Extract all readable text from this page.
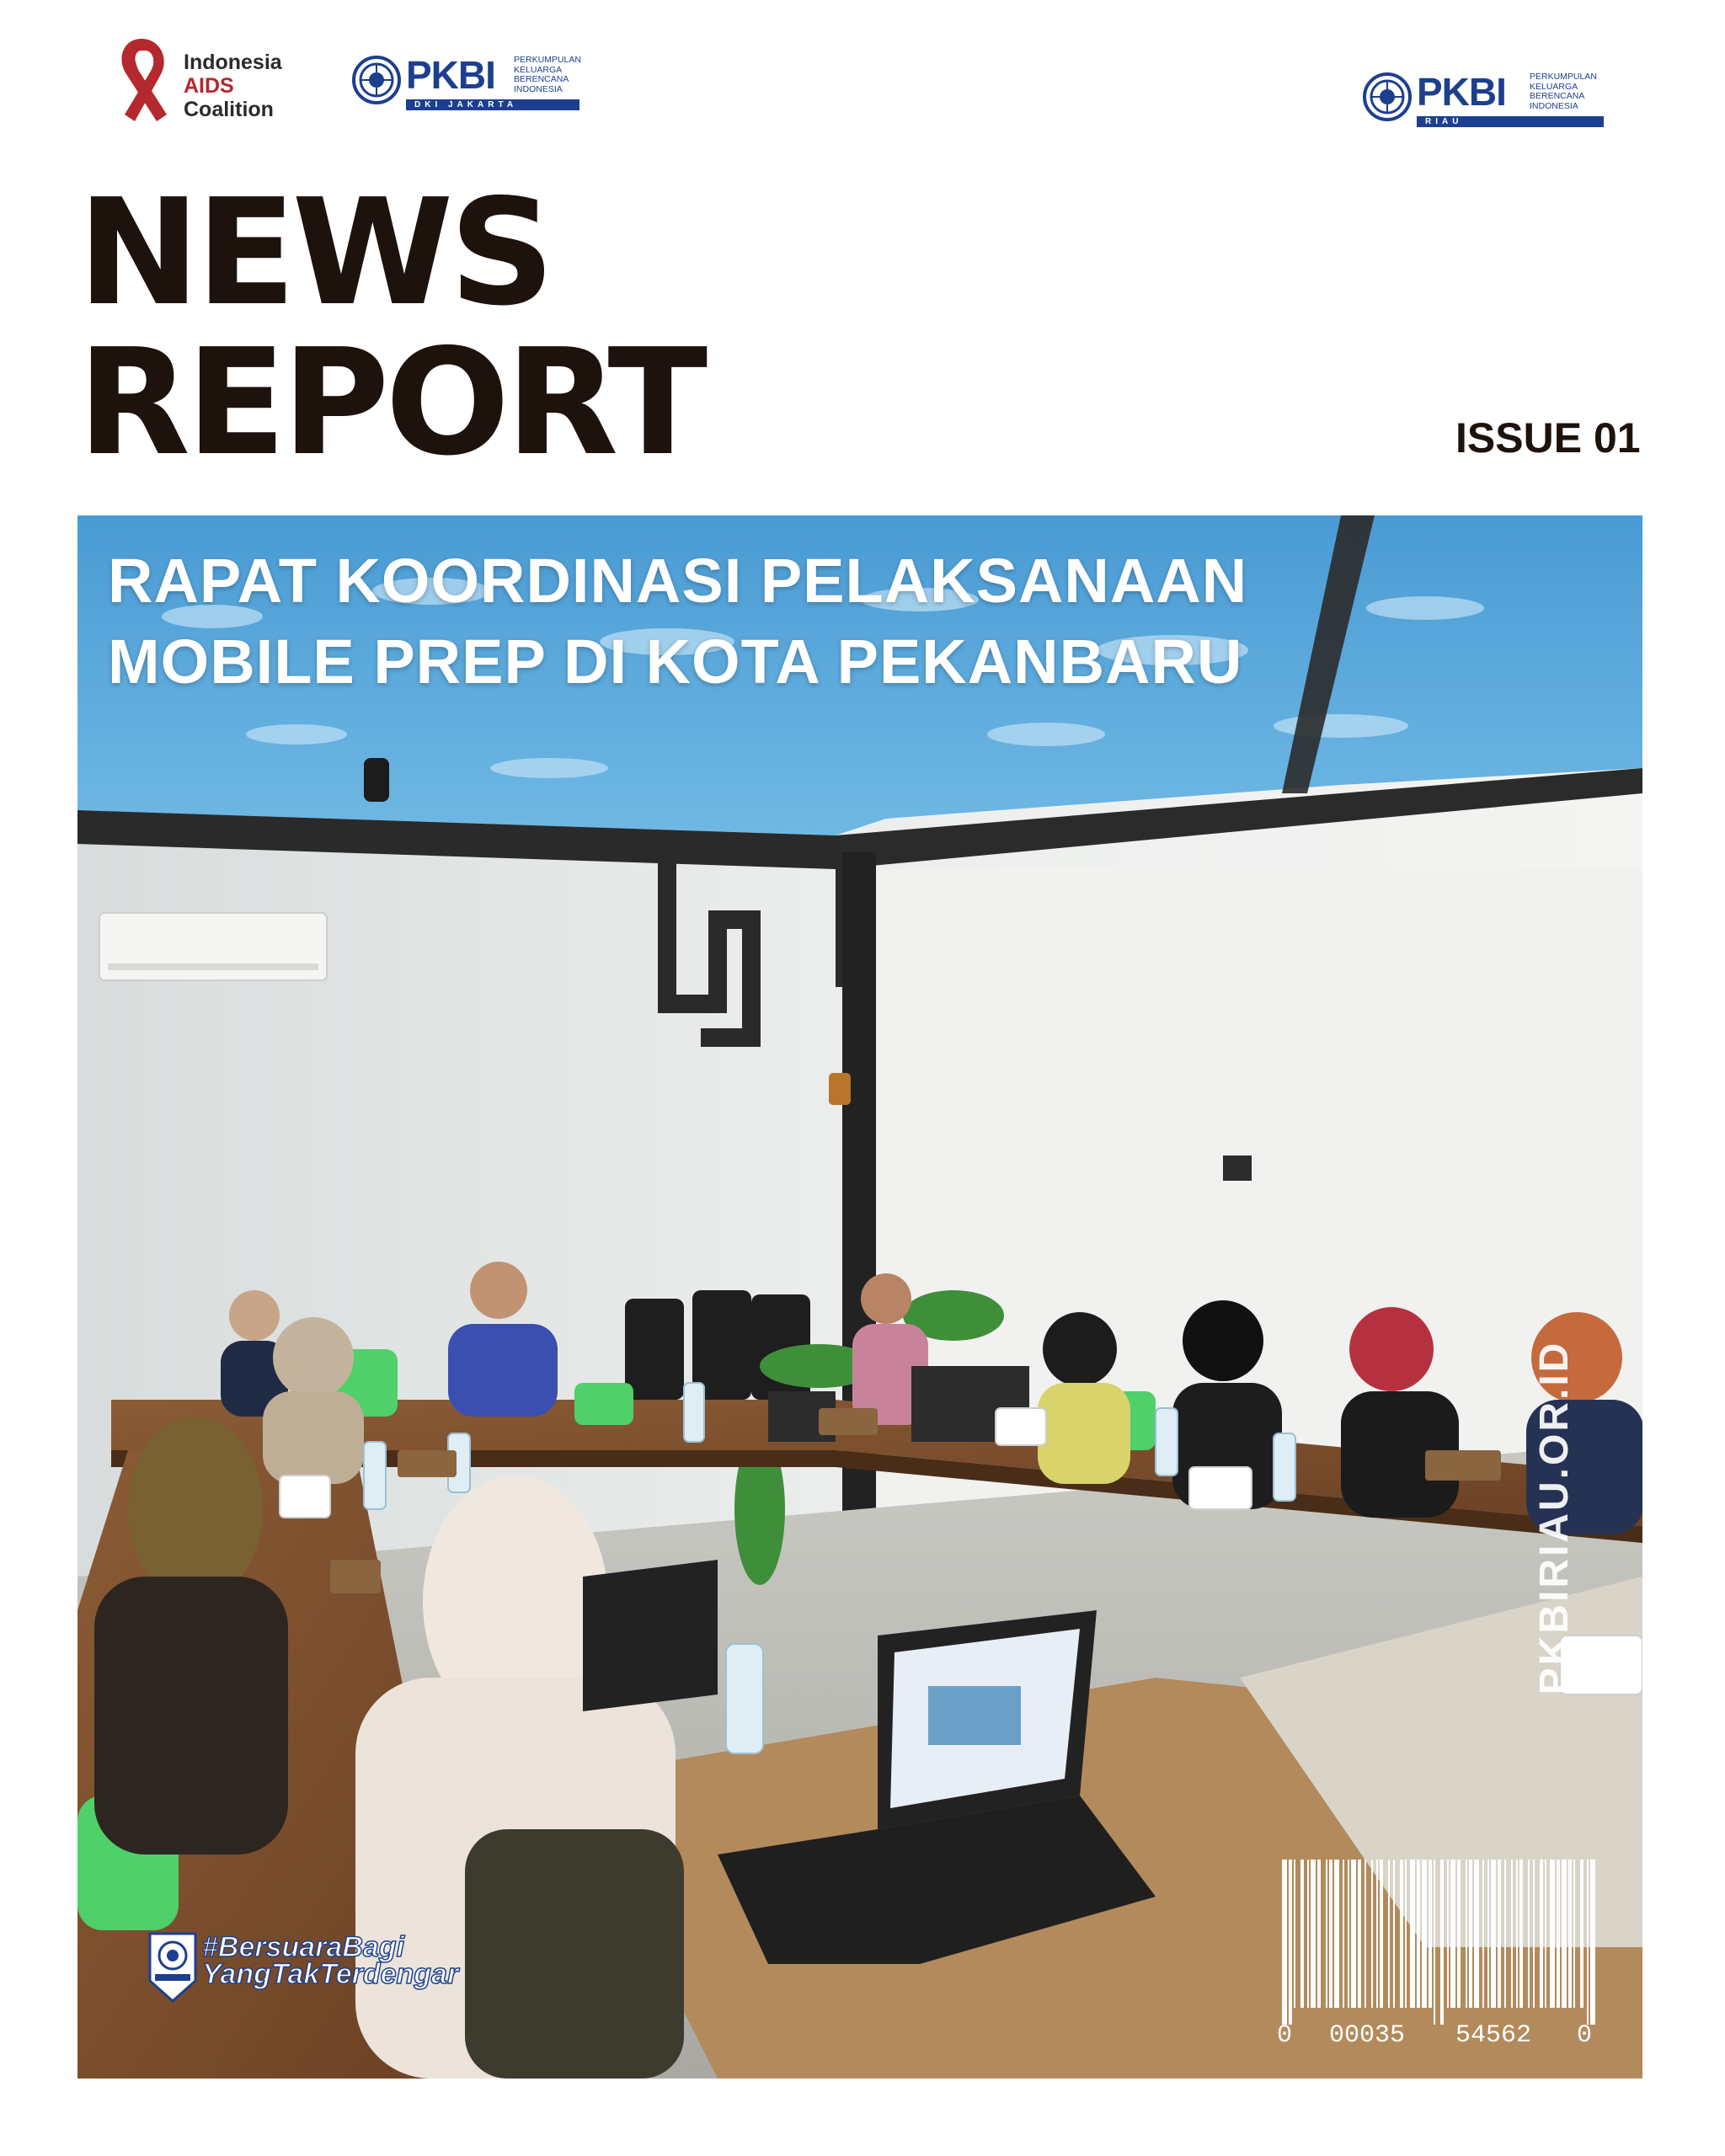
Indonesia
AIDS
Coalition
PKBI PERKUMPULAN KELUARGA BERENCANA INDONESIA
DKI JAKARTA	PKBI	PERKUMPULAN KELUARGA BERENCANA INDONESIA
RIAU
NEWS
REPORT	ISSUE 01
RAPAT KOORDINASI PELAKSANAAN
MOBILE PREP DI KOTA PEKANBARU
PKBIRIAU.OR.ID
#BersuaraBagi
YangTakTerdengar
0 00035 54562 0
